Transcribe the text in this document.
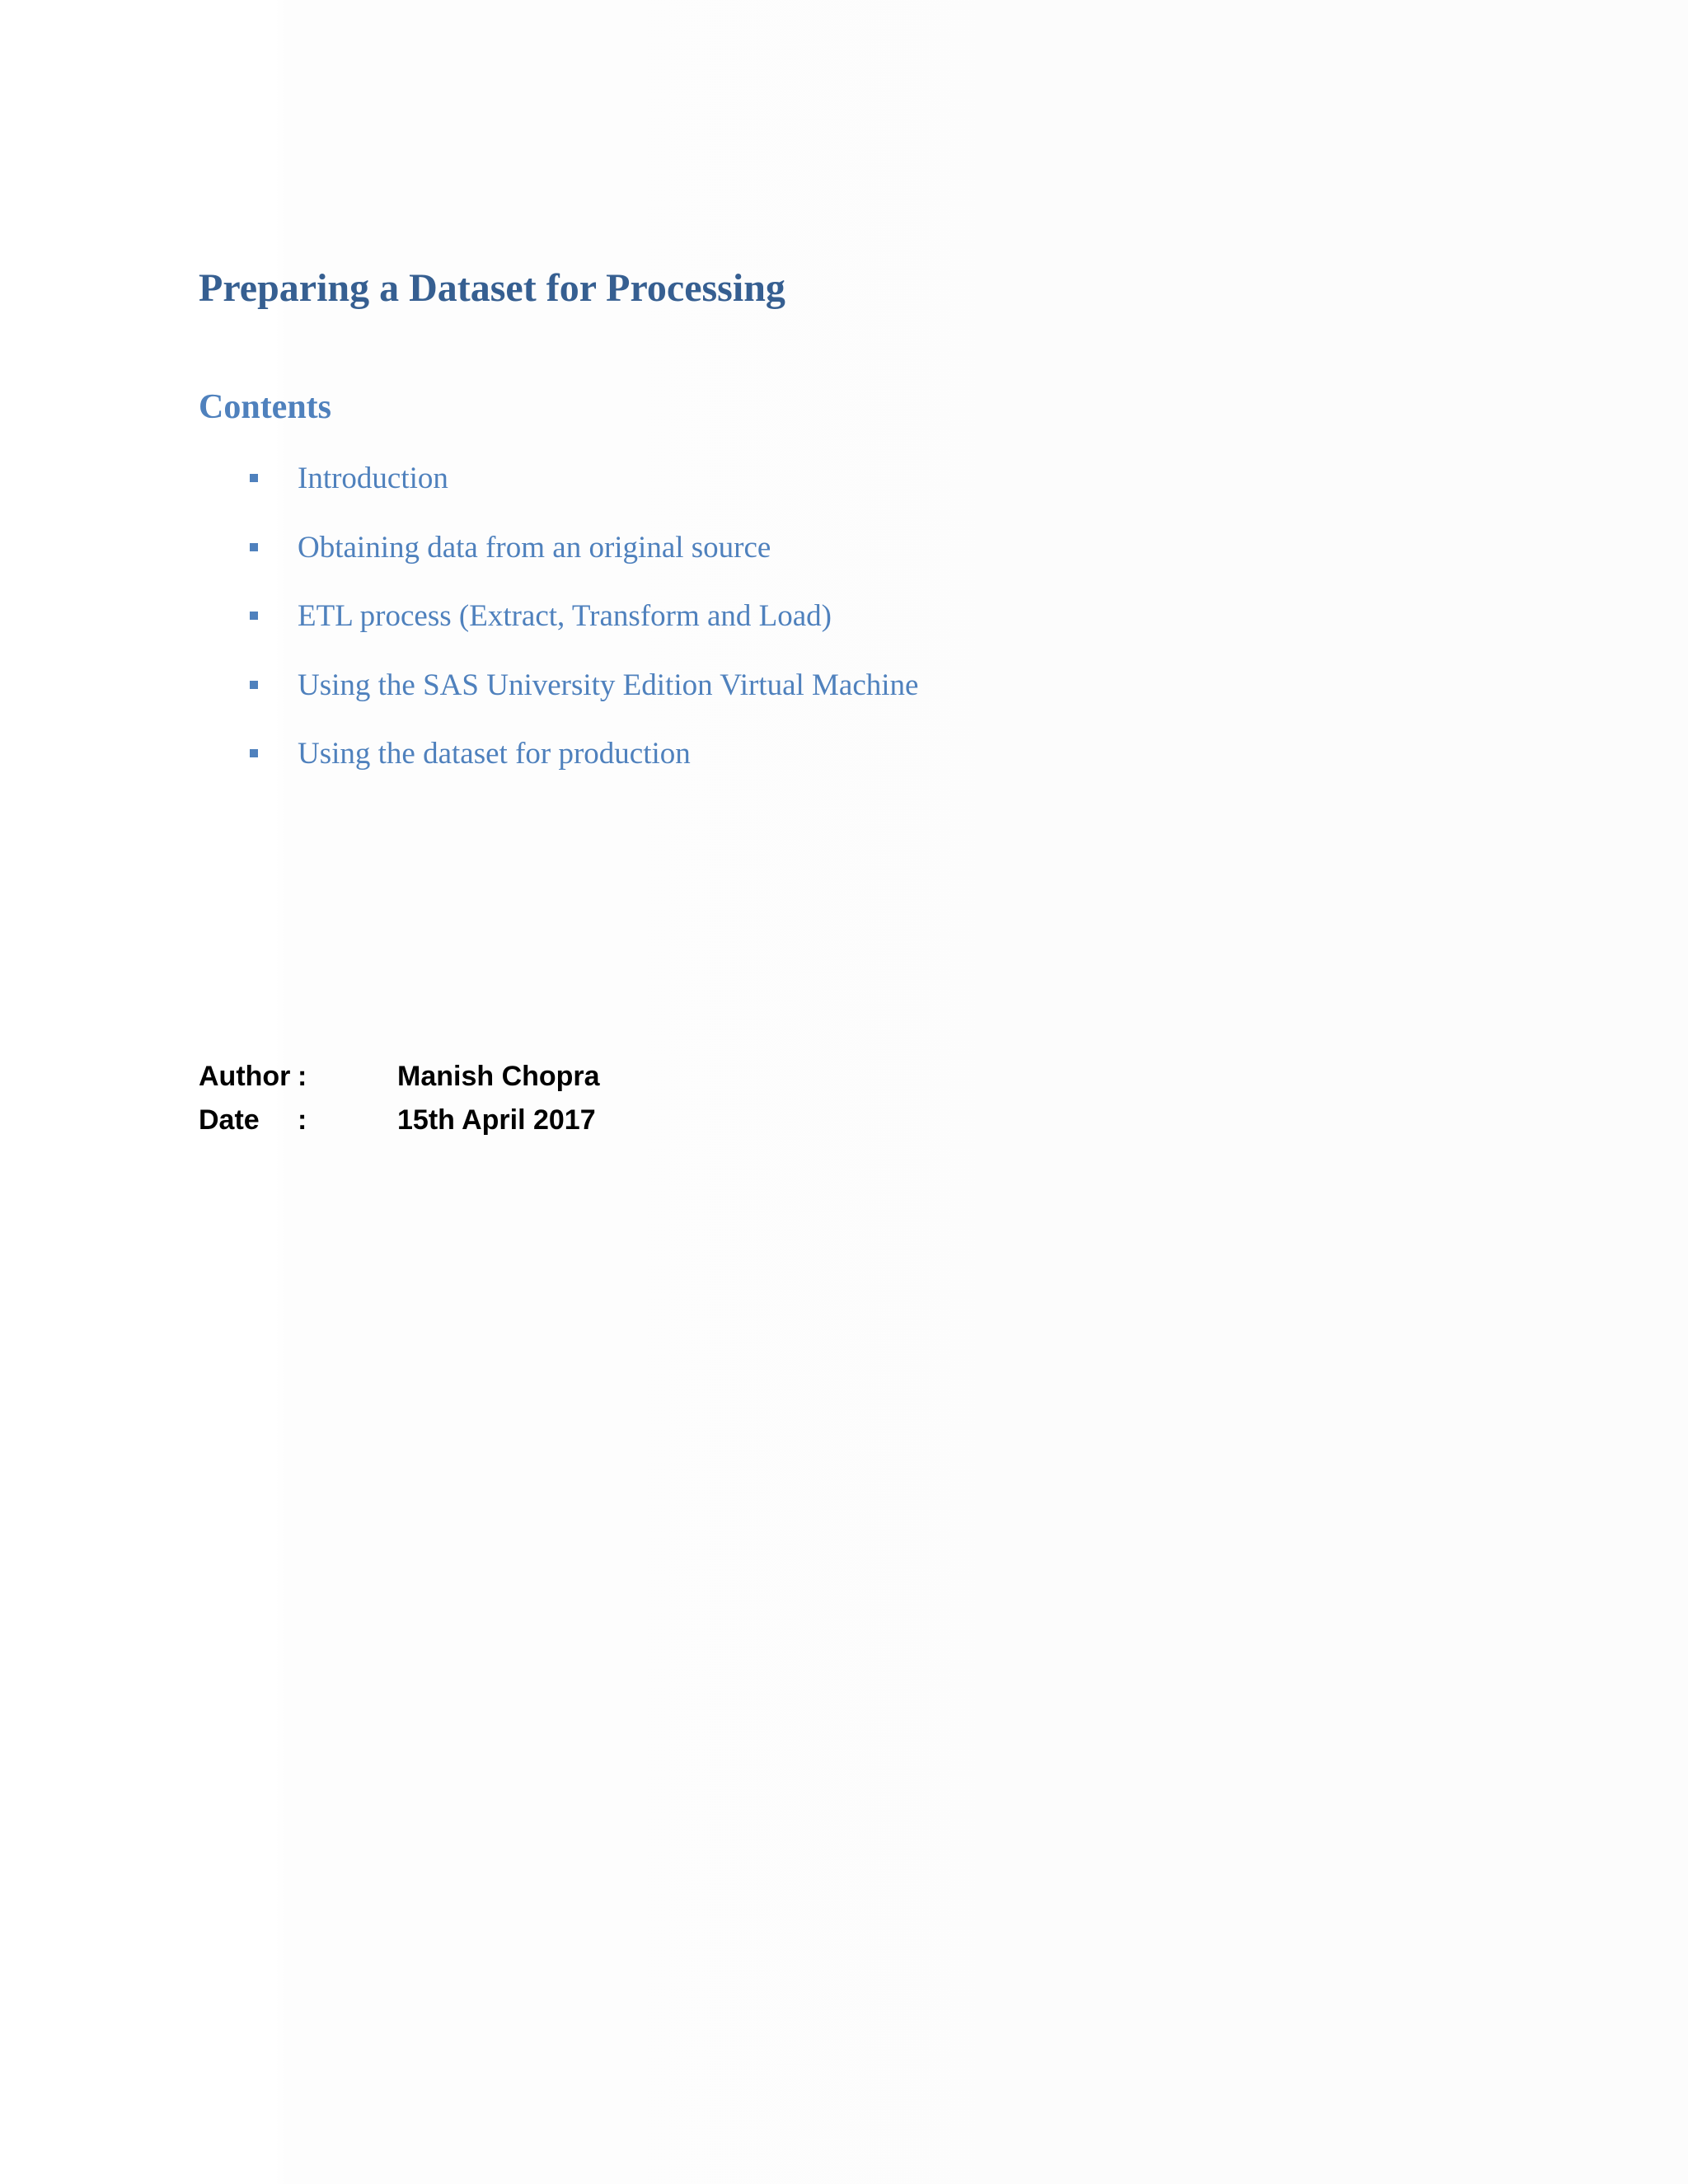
Preparing a Dataset for Processing
Contents
Introduction
Obtaining data from an original source
ETL process (Extract, Transform and Load)
Using the SAS University Edition Virtual Machine
Using the dataset for production
Author :	Manish Chopra
Date :	15th April 2017
